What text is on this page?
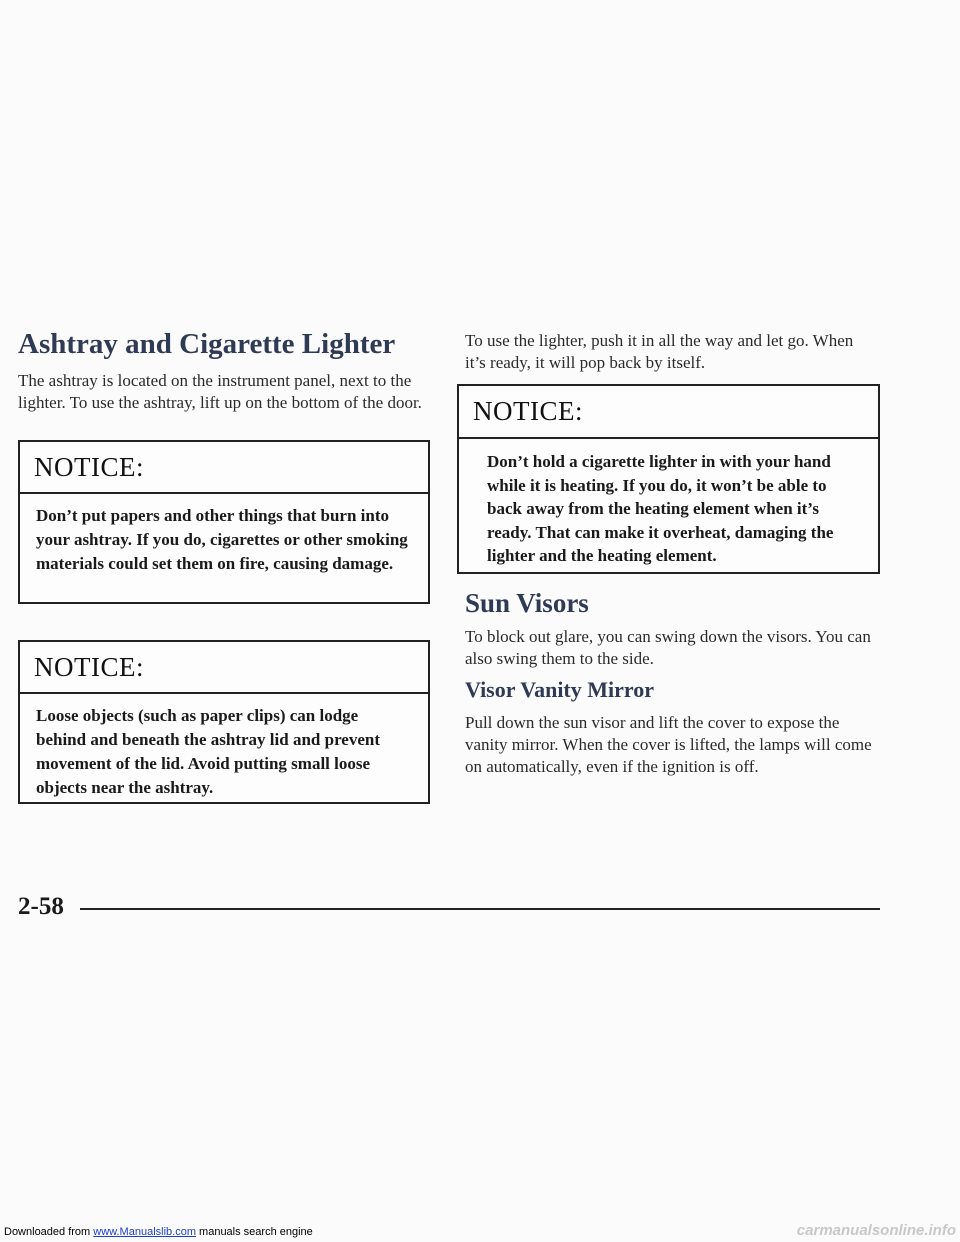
Ashtray and Cigarette Lighter

The ashtray is located on the instrument panel, next to the lighter. To use the ashtray, lift up on the bottom of the door.

NOTICE:

Don’t put papers and other things that burn into your ashtray. If you do, cigarettes or other smoking materials could set them on fire, causing damage.

NOTICE:

Loose objects (such as paper clips) can lodge behind and beneath the ashtray lid and prevent movement of the lid. Avoid putting small loose objects near the ashtray.

To use the lighter, push it in all the way and let go. When it’s ready, it will pop back by itself.

NOTICE:

Don’t hold a cigarette lighter in with your hand while it is heating. If you do, it won’t be able to back away from the heating element when it’s ready. That can make it overheat, damaging the lighter and the heating element.

Sun Visors

To block out glare, you can swing down the visors. You can also swing them to the side.

Visor Vanity Mirror

Pull down the sun visor and lift the cover to expose the vanity mirror. When the cover is lifted, the lamps will come on automatically, even if the ignition is off.

2-58
Downloaded from www.Manualslib.com manuals search engine	carmanualsonline.info
